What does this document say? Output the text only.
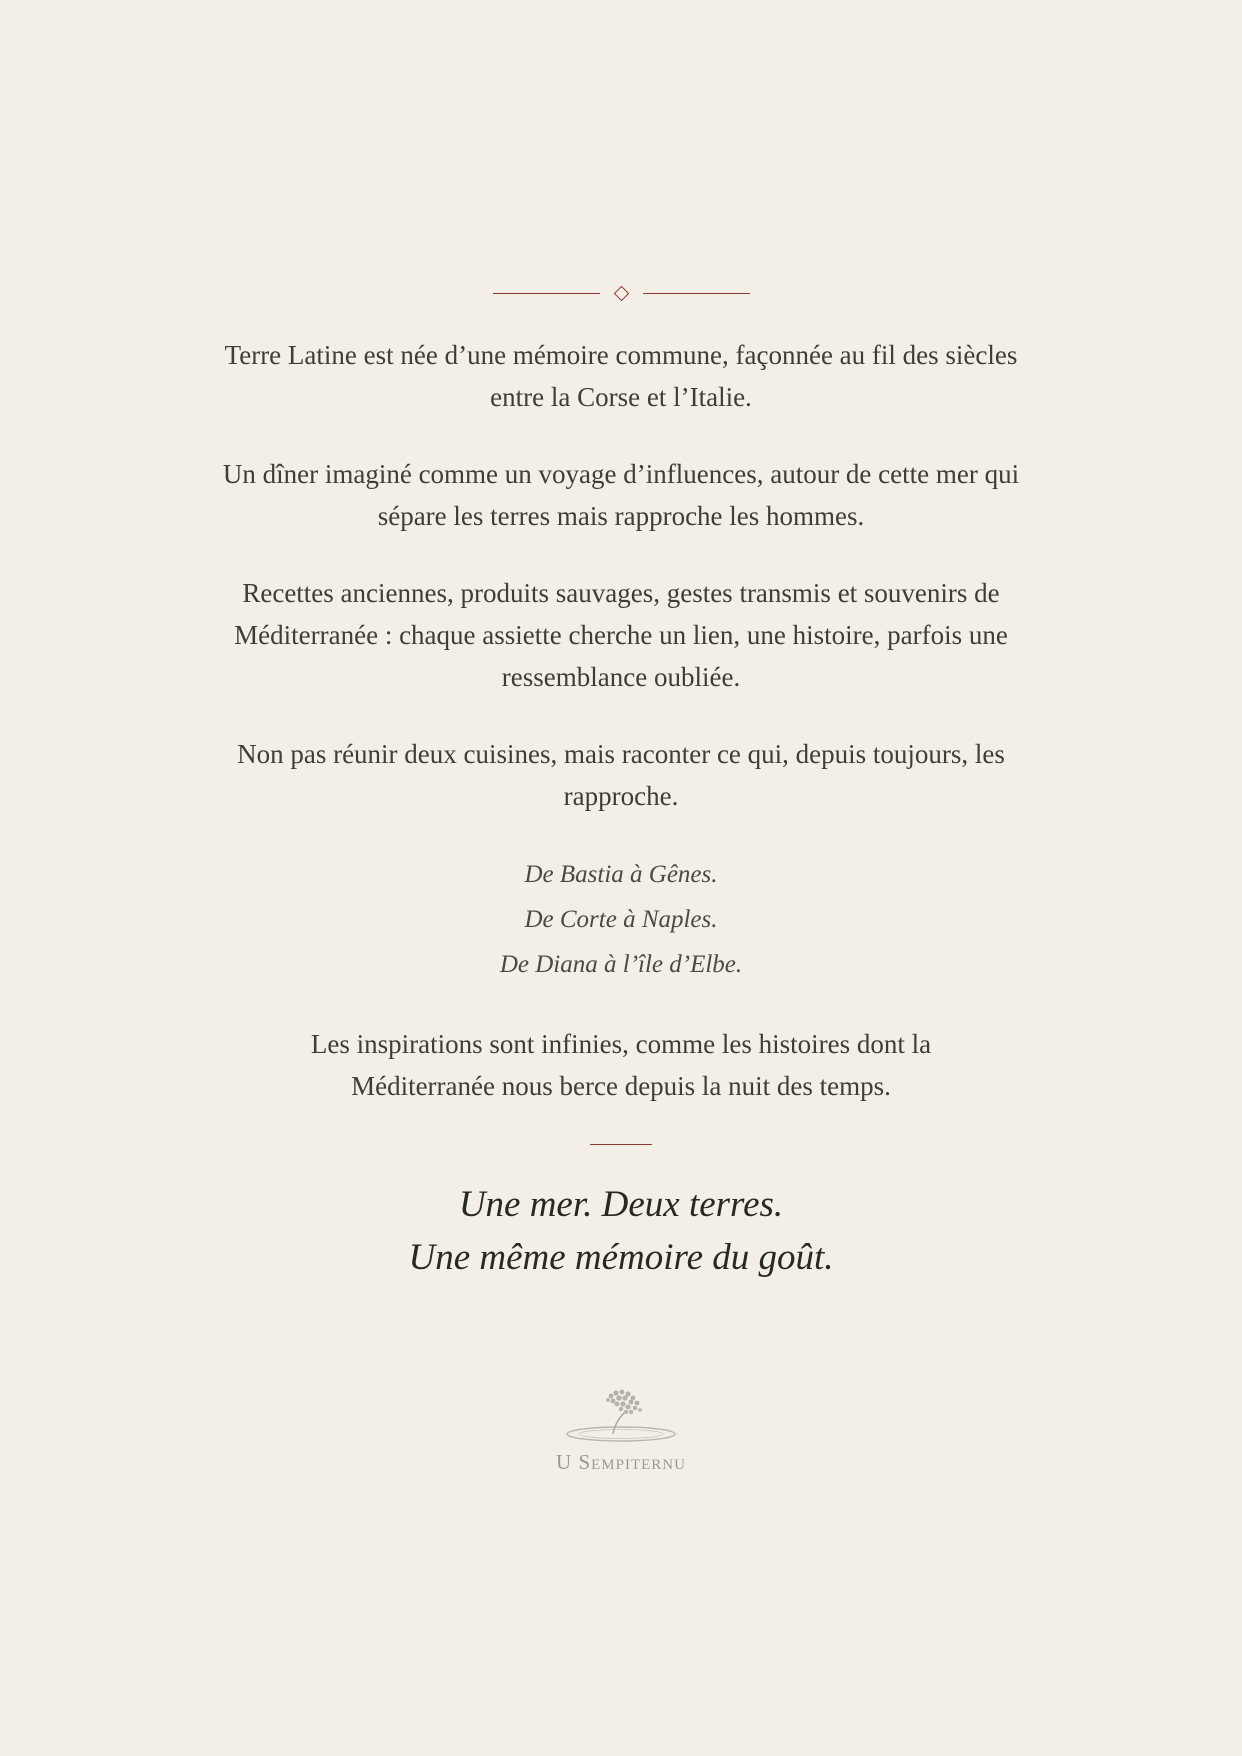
Terre Latine est née d’une mémoire commune, façonnée au fil des siècles entre la Corse et l’Italie.

Un dîner imaginé comme un voyage d’influences, autour de cette mer qui sépare les terres mais rapproche les hommes.

Recettes anciennes, produits sauvages, gestes transmis et souvenirs de Méditerranée : chaque assiette cherche un lien, une histoire, parfois une ressemblance oubliée.

Non pas réunir deux cuisines, mais raconter ce qui, depuis toujours, les rapproche.

De Bastia à Gênes.

De Corte à Naples.

De Diana à l’île d’Elbe.

Les inspirations sont infinies, comme les histoires dont la Méditerranée nous berce depuis la nuit des temps.

Une mer. Deux terres.

Une même mémoire du goût.

U Sempiternu
